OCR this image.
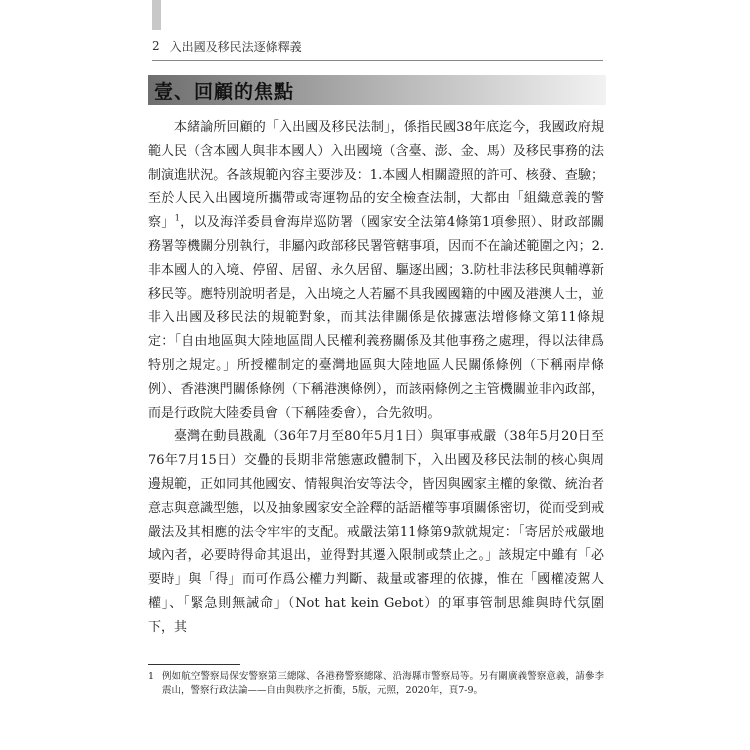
2 入出國及移民法逐條釋義
壹、回顧的焦點

本緒論所回顧的「入出國及移民法制」，係指民國38年底迄今，我國政府規範人民（含本國人與非本國人）入出國境（含臺、澎、金、馬）及移民事務的法制演進狀況。各該規範內容主要涉及：1.本國人相關證照的許可、核發、查驗；至於人民入出國境所攜帶或寄運物品的安全檢查法制，大都由「組織意義的警察」$^1$，以及海洋委員會海岸巡防署（國家安全法第4條第1項參照）、財政部關務署等機關分別執行，非屬內政部移民署管轄事項，因而不在論述範圍之內；2.非本國人的入境、停留、居留、永久居留、驅逐出國；3.防杜非法移民與輔導新移民等。應特別說明者是，入出境之人若屬不具我國國籍的中國及港澳人士，並非入出國及移民法的規範對象，而其法律關係是依據憲法增修條文第11條規定：「自由地區與大陸地區間人民權利義務關係及其他事務之處理，得以法律爲特別之規定。」所授權制定的臺灣地區與大陸地區人民關係條例（下稱兩岸條例）、香港澳門關係條例（下稱港澳條例），而該兩條例之主管機關並非內政部，而是行政院大陸委員會（下稱陸委會），合先敘明。

臺灣在動員戡亂（36年7月至80年5月1日）與軍事戒嚴（38年5月20日至76年7月15日）交疊的長期非常態憲政體制下，入出國及移民法制的核心與周邊規範，正如同其他國安、情報與治安等法令，皆因與國家主權的象徵、統治者意志與意識型態，以及抽象國家安全詮釋的話語權等事項關係密切，從而受到戒嚴法及其相應的法令牢牢的支配。戒嚴法第11條第9款就規定：「寄居於戒嚴地域內者，必要時得命其退出，並得對其遷入限制或禁止之。」該規定中雖有「必要時」與「得」而可作爲公權力判斷、裁量或審理的依據，惟在「國權凌駕人權」、「緊急則無誡命」（Not hat kein Gebot）的軍事管制思維與時代氛圍下，其

1 例如航空警察局保安警察第三總隊、各港務警察總隊、沿海縣市警察局等。另有關廣義警察意義，請參李震山，警察行政法論——自由與秩序之折衝，5版，元照，2020年，頁7-9。
